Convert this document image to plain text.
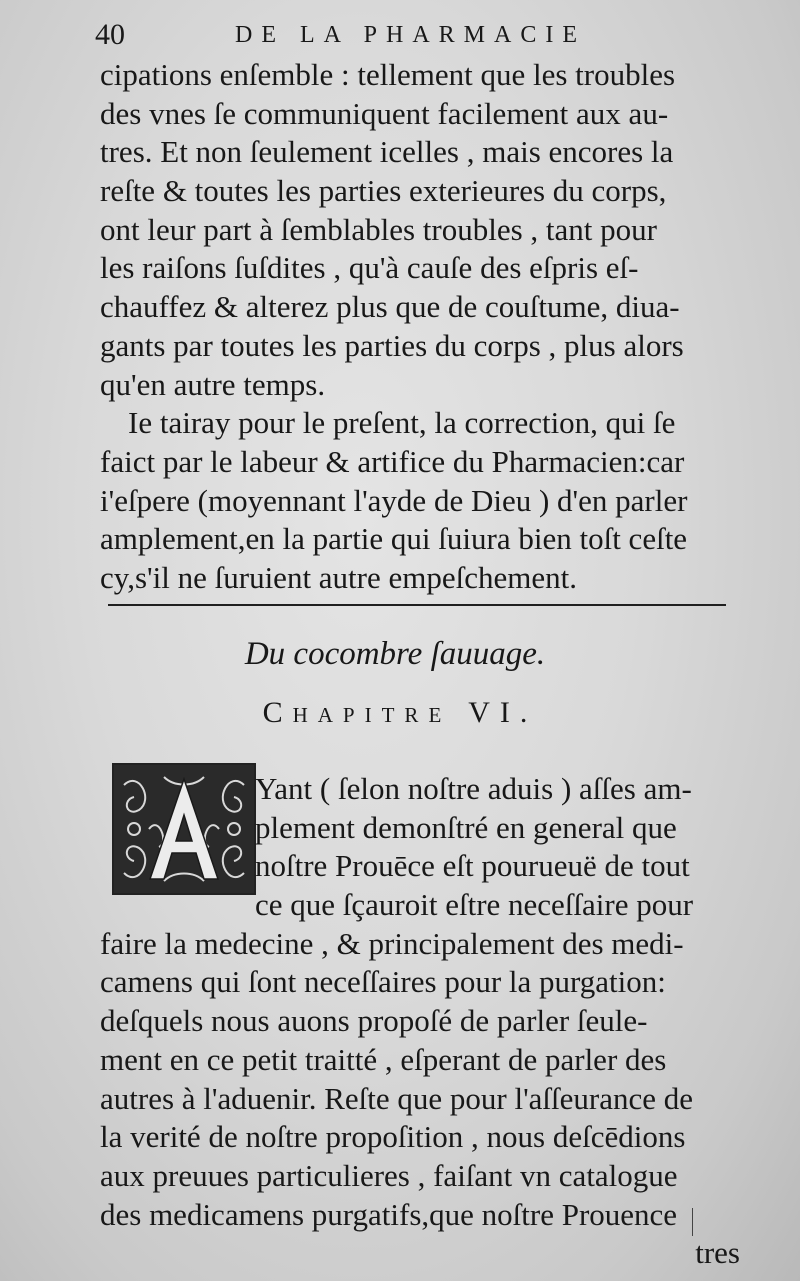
40	DE LA PHARMACIE
cipations enſemble : tellement que les troubles
des vnes ſe communiquent facilement aux au-
tres. Et non ſeulement icelles , mais encores la
reſte & toutes les parties exterieures du corps,
ont leur part à ſemblables troubles , tant pour
les raiſons ſuſdites , qu'à cauſe des eſpris eſ-
chauffez & alterez plus que de couſtume, diua-
gants par toutes les parties du corps , plus alors
qu'en autre temps.
Ie tairay pour le preſent, la correction, qui ſe
faict par le labeur & artifice du Pharmacien:car
i'eſpere (moyennant l'ayde de Dieu ) d'en parler
amplement,en la partie qui ſuiura bien toſt ceſte
cy,s'il ne ſuruient autre empeſchement.
Du cocombre ſauuage.
Chapitre VI.
Yant ( ſelon noſtre aduis ) aſſes am-
plement demonſtré en general que
noſtre Prouēce eſt pourueuë de tout
ce que ſçauroit eſtre neceſſaire pour
faire la medecine , & principalement des medi-
camens qui ſont neceſſaires pour la purgation:
deſquels nous auons propoſé de parler ſeule-
ment en ce petit traitté , eſperant de parler des
autres à l'aduenir. Reſte que pour l'aſſeurance de
la verité de noſtre propoſition , nous deſcēdions
aux preuues particulieres , faiſant vn catalogue
des medicamens purgatifs,que noſtre Prouence
tres
